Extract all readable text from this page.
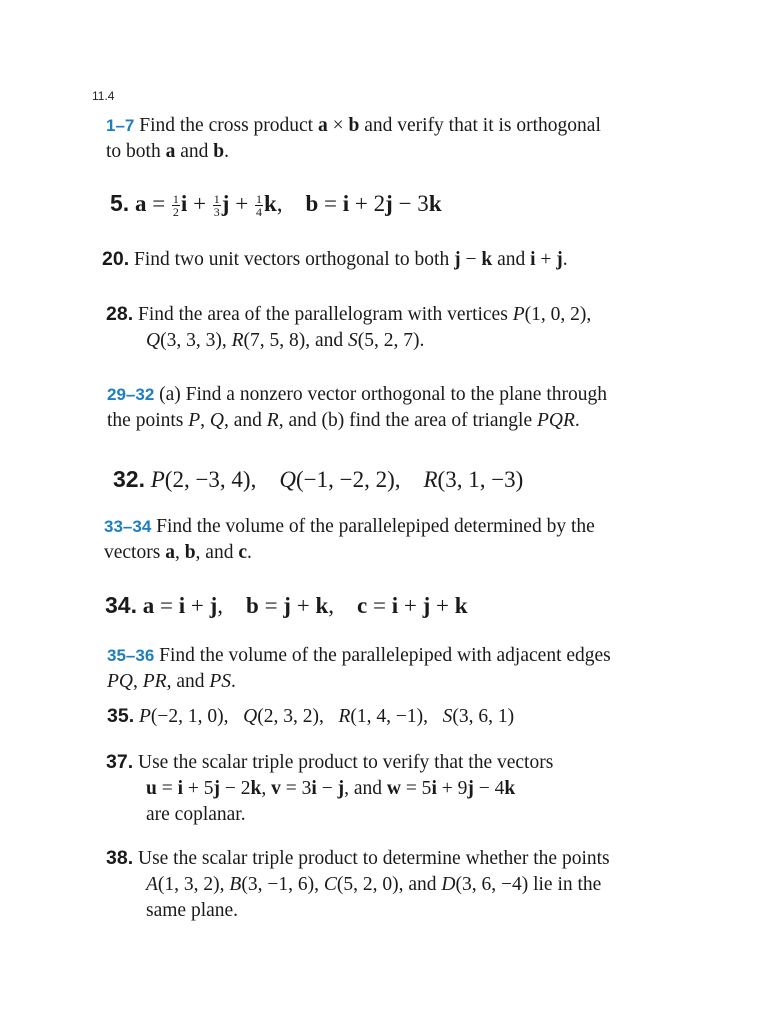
11.4
1–7 Find the cross product a × b and verify that it is orthogonal
to both a and b.
5. $a = \frac{1}{2}$ $i + \frac{1}{3}$ $j + \frac{1}{4} k$, b = i + 2j − 3k
20. Find two unit vectors orthogonal to both j − k and i + j.
28. Find the area of the parallelogram with vertices P(1, 0, 2),
Q(3, 3, 3), R(7, 5, 8), and S(5, 2, 7).
29–32 (a) Find a nonzero vector orthogonal to the plane through
the points P, Q, and R, and (b) find the area of triangle PQR.
32. P(2, −3, 4), Q(−1, −2, 2), R(3, 1, −3)
33–34 Find the volume of the parallelepiped determined by the
vectors a, b, and c.
34. a = i + j, b = j + k, c = i + j + k
35–36 Find the volume of the parallelepiped with adjacent edges
PQ, PR, and PS.
35. P(−2, 1, 0), Q(2, 3, 2), R(1, 4, −1), S(3, 6, 1)
37. Use the scalar triple product to verify that the vectors
u = i + 5j − 2k, v = 3i − j, and w = 5i + 9j − 4k
are coplanar.
38. Use the scalar triple product to determine whether the points
A(1, 3, 2), B(3, −1, 6), C(5, 2, 0), and D(3, 6, −4) lie in the
same plane.
